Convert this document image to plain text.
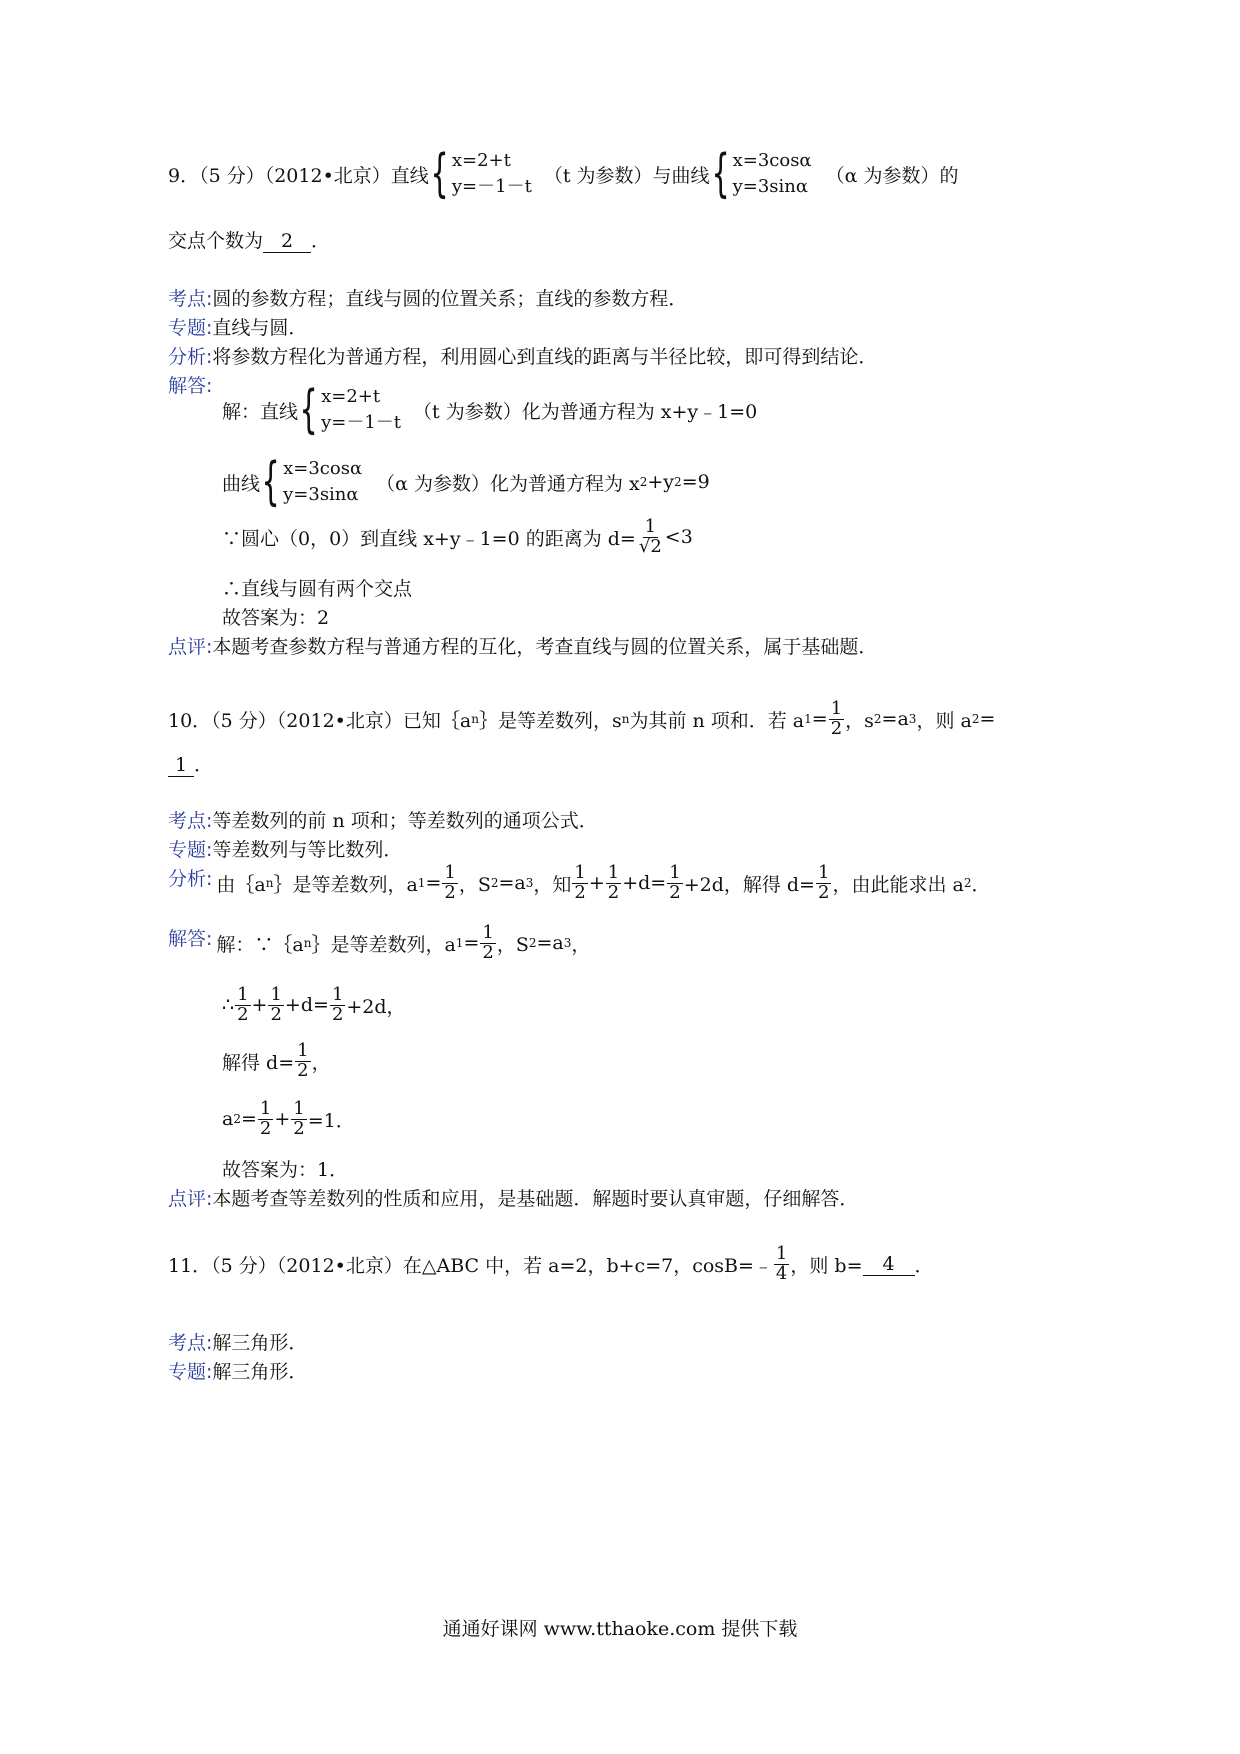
9．（5 分）（2012•北京）直线 { x=2+t
y=－1－t （t 为参数）与曲线 { x=3cosα
y=3sinα （α 为参数）的
交点个数为 2 ．
考点:圆的参数方程；直线与圆的位置关系；直线的参数方程．
专题:直线与圆．
分析:将参数方程化为普通方程，利用圆心到直线的距离与半径比较，即可得到结论．
解答:
解：直线 { x=2+t
y=－1－t （t 为参数）化为普通方程为 x+y﹣1=0
曲线 { x=3cosα
y=3sinα （α 为参数）化为普通方程为 x 2 +y 2 =9
∵圆心（0，0）到直线 x+y﹣1=0 的距离为 $d= \frac{1}{√2} <3$
∴直线与圆有两个交点
故答案为：2
点评:本题考查参数方程与普通方程的互化，考查直线与圆的位置关系，属于基础题．
10．（5 分）（2012•北京）已知｛a n ｝是等差数列，s n 为其前 n 项和．若 a $1 = \frac{1}{2}$ ，s 2 =a 3 ，则 a 2 =
1 ．
考点:等差数列的前 n 项和；等差数列的通项公式．
专题:等差数列与等比数列．
分析: 由｛a n ｝是等差数列，a $1 = \frac{1}{2}$ ，S 2 =a 3 ，知 $\frac{1}{2} + \frac{1}{2} +d= \frac{1}{2} +2d$，解得 $d= \frac{1}{2}$ ，由此能求出 a 2 ．
解答: 解：∵｛a n ｝是等差数列，a $1 = \frac{1}{2}$ ，S 2 =a 3 ，
∴ $\frac{1}{2} + \frac{1}{2} +d= \frac{1}{2} +2d$，
解得 $d= \frac{1}{2}$ ，
a $2 = \frac{1}{2} + \frac{1}{2} =1$．
故答案为：1．
点评:本题考查等差数列的性质和应用，是基础题．解题时要认真审题，仔细解答．
11．（5 分）（2012•北京）在△ABC 中，若 a=2，b+c=7，cosB=﹣ $\frac{1}{4}$ ，则 b=	4	．
考点:解三角形．
专题:解三角形．
通通好课网 www.tthaoke.com 提供下载
